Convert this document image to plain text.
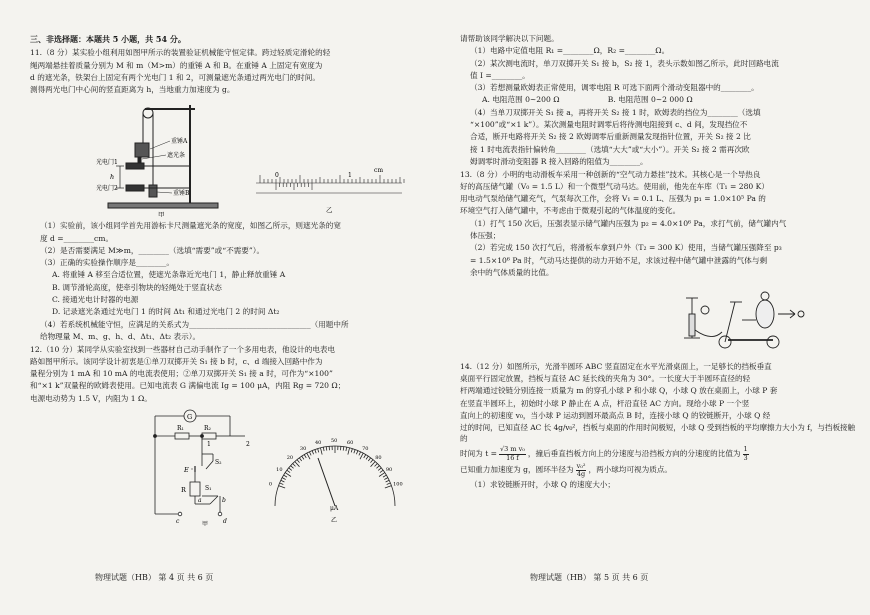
三、非选择题：本题共 5 小题，共 54 分。
11.（8 分）某实验小组利用如图甲所示的装置验证机械能守恒定律。跨过轻质定滑轮的轻
绳两端悬挂着质量分别为 M 和 m（M>m）的重锤 A 和 B。在重锤 A 上固定有宽度为
d 的遮光条，铁架台上固定有两个光电门 1 和 2，可测量遮光条通过两光电门的时间。
测得两光电门中心间的竖直距离为 h，当地重力加速度为 g。
重锤A
遮光条
光电门1
h
光电门2
重锤B
甲
0	1
cm
乙
（1）实验前，该小组同学首先用游标卡尺测量遮光条的宽度，如图乙所示，则遮光条的宽
度 d =________cm。
（2）是否需要满足 M≫m，________（选填“需要”或“不需要”）。
（3）正确的实验操作顺序是________。
A. 将重锤 A 移至合适位置，使遮光条靠近光电门 1，静止释放重锤 A
B. 调节滑轮高度，使牵引物块的轻绳处于竖直状态
C. 接通光电计时器的电源
D. 记录遮光条通过光电门 1 的时间 Δt₁ 和通过光电门 2 的时间 Δt₂
（4）若系统机械能守恒，应满足的关系式为________________________________（用题中所
给物理量 M、m、g、h、d、Δt₁、Δt₂ 表示）。
12.（10 分）某同学从实验室找到一些器材自己动手制作了一个多用电表，他设计的电表电
路如图甲所示。该同学设计初衷是①单刀双掷开关 S₁ 接 b 时，c、d 端接入回路中作为
量程分别为 1 mA 和 10 mA 的电流表使用；②单刀双掷开关 S₁ 接 a 时，可作为“×100”
和“×1 k”双量程的欧姆表使用。已知电流表 G 满偏电流 Ig = 100 μA，内阻 Rg = 720 Ω；
电源电动势为 1.5 V，内阻为 1 Ω。
G
R₁	R₂
1	2
E
S₂
R	S₁
a	b
c	d
甲
0
10
20
30
40 50 60
70
80
90
100
μA
乙
物理试题（HB） 第 4 页 共 6 页
请帮助该同学解决以下问题。
（1）电路中定值电阻 R₁ =________Ω，R₂ =________Ω。
（2）某次测电流时，单刀双掷开关 S₁ 接 b，S₂ 接 1，表头示数如图乙所示，此时回路电流
值 I =________。
（3）若想测量欧姆表正常使用，调零电阻 R 可选下面两个滑动变阻器中的________。
A. 电阻范围 0~200 Ω                    B. 电阻范围 0~2 000 Ω
（4）当单刀双掷开关 S₁ 接 a，再将开关 S₂ 接 1 时，欧姆表的挡位为________（选填
“×100”或“×1 k”）。某次测量电阻时调零后将待测电阻接到 c、d 间，发现挡位不
合适，断开电路将开关 S₂ 接 2 欧姆调零后重新测量发现指针位置，开关 S₂ 接 2 比
接 1 时电流表指针偏转角________（选填“大大”或“大小”）。开关 S₂ 接 2 需再次欧
姆调零时滑动变阻器 R 接入回路的阻值为________。
13.（8 分）小明的电动滑板车采用一种创新的“空气动力悬挂”技术。其核心是一个导热良
好的高压储气罐（V₀ = 1.5 L）和一个微型气动马达。使用前，他先在车库（T₁ = 280 K）
用电动气泵给储气罐充气，气泵每次工作，会将 V₁ = 0.1 L、压强为 p₁ = 1.0×10⁵ Pa 的
环境空气打入储气罐中，不考虑由于微观引起的气体温度的变化。
（1）打气 150 次后，压强表显示储气罐内压强为 p₂ = 4.0×10⁶ Pa，求打气前，储气罐内气
体压强；
（2）若完成 150 次打气后，将滑板车拿到户外（T₂ = 300 K）使用，当储气罐压强降至 p₃
= 1.5×10⁶ Pa 时，气动马达提供的动力开始不足，求该过程中储气罐中泄露的气体与剩
余中的气体质量的比值。
14.（12 分）如图所示，光滑半圆环 ABC 竖直固定在水平光滑桌面上，一足够长的挡板垂直
桌面平行固定放置，挡板与直径 AC 延长线的夹角为 30°。一长度大于半圆环直径的轻
杆两端通过铰链分别连接一质量为 m 的穿孔小球 P 和小球 Q，小球 Q 放在桌面上，小球 P 套
在竖直半圆环上，初始时小球 P 静止在 A 点，杆沿直径 AC 方向。现给小球 P 一个竖
直向上的初速度 v₀，当小球 P 运动到圆环最高点 B 时，连接小球 Q 的铰链断开，小球 Q 经
过的时间，已知直径 AC 长 4g/v₀²，挡板与桌面的作用时间极短，小球 Q 受到挡板的平均摩擦力大小为 f，与挡板接触的
时间为 $t = \frac{\text{√3 m v₀}}{16 f}$ ，撞后垂直挡板方向上的分速度与沿挡板方向的分速度的比值为 $\frac{1}{3}$
已知重力加速度为 g，圆环半径为 $\frac{\text{v₀²}}{4g}$ ，两小球均可视为质点。
（1）求铰链断开时，小球 Q 的速度大小；
物理试题（HB） 第 5 页 共 6 页
